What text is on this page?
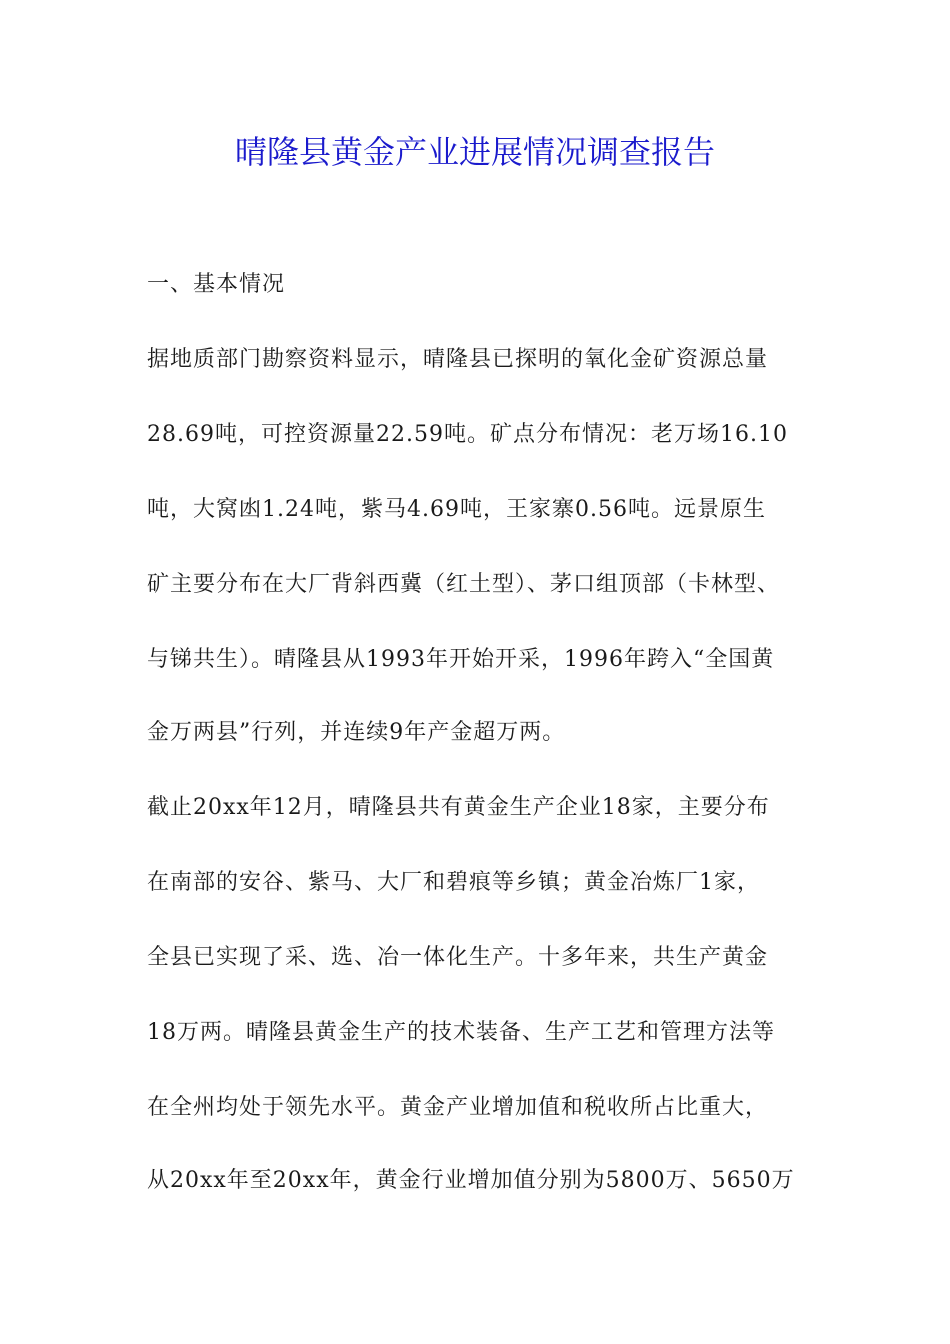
晴隆县黄金产业进展情况调查报告
一、基本情况
据地质部门勘察资料显示，晴隆县已探明的氧化金矿资源总量
28.69吨，可控资源量22.59吨。矿点分布情况：老万场16.10
吨，大窝凼1.24吨，紫马4.69吨，王家寨0.56吨。远景原生
矿主要分布在大厂背斜西冀（红土型）、茅口组顶部（卡林型、
与锑共生）。晴隆县从1993年开始开采，1996年跨入“全国黄
金万两县”行列，并连续9年产金超万两。
截止20xx年12月，晴隆县共有黄金生产企业18家，主要分布
在南部的安谷、紫马、大厂和碧痕等乡镇；黄金冶炼厂1家，
全县已实现了采、选、冶一体化生产。十多年来，共生产黄金
18万两。晴隆县黄金生产的技术装备、生产工艺和管理方法等
在全州均处于领先水平。黄金产业增加值和税收所占比重大，
从20xx年至20xx年，黄金行业增加值分别为5800万、5650万
